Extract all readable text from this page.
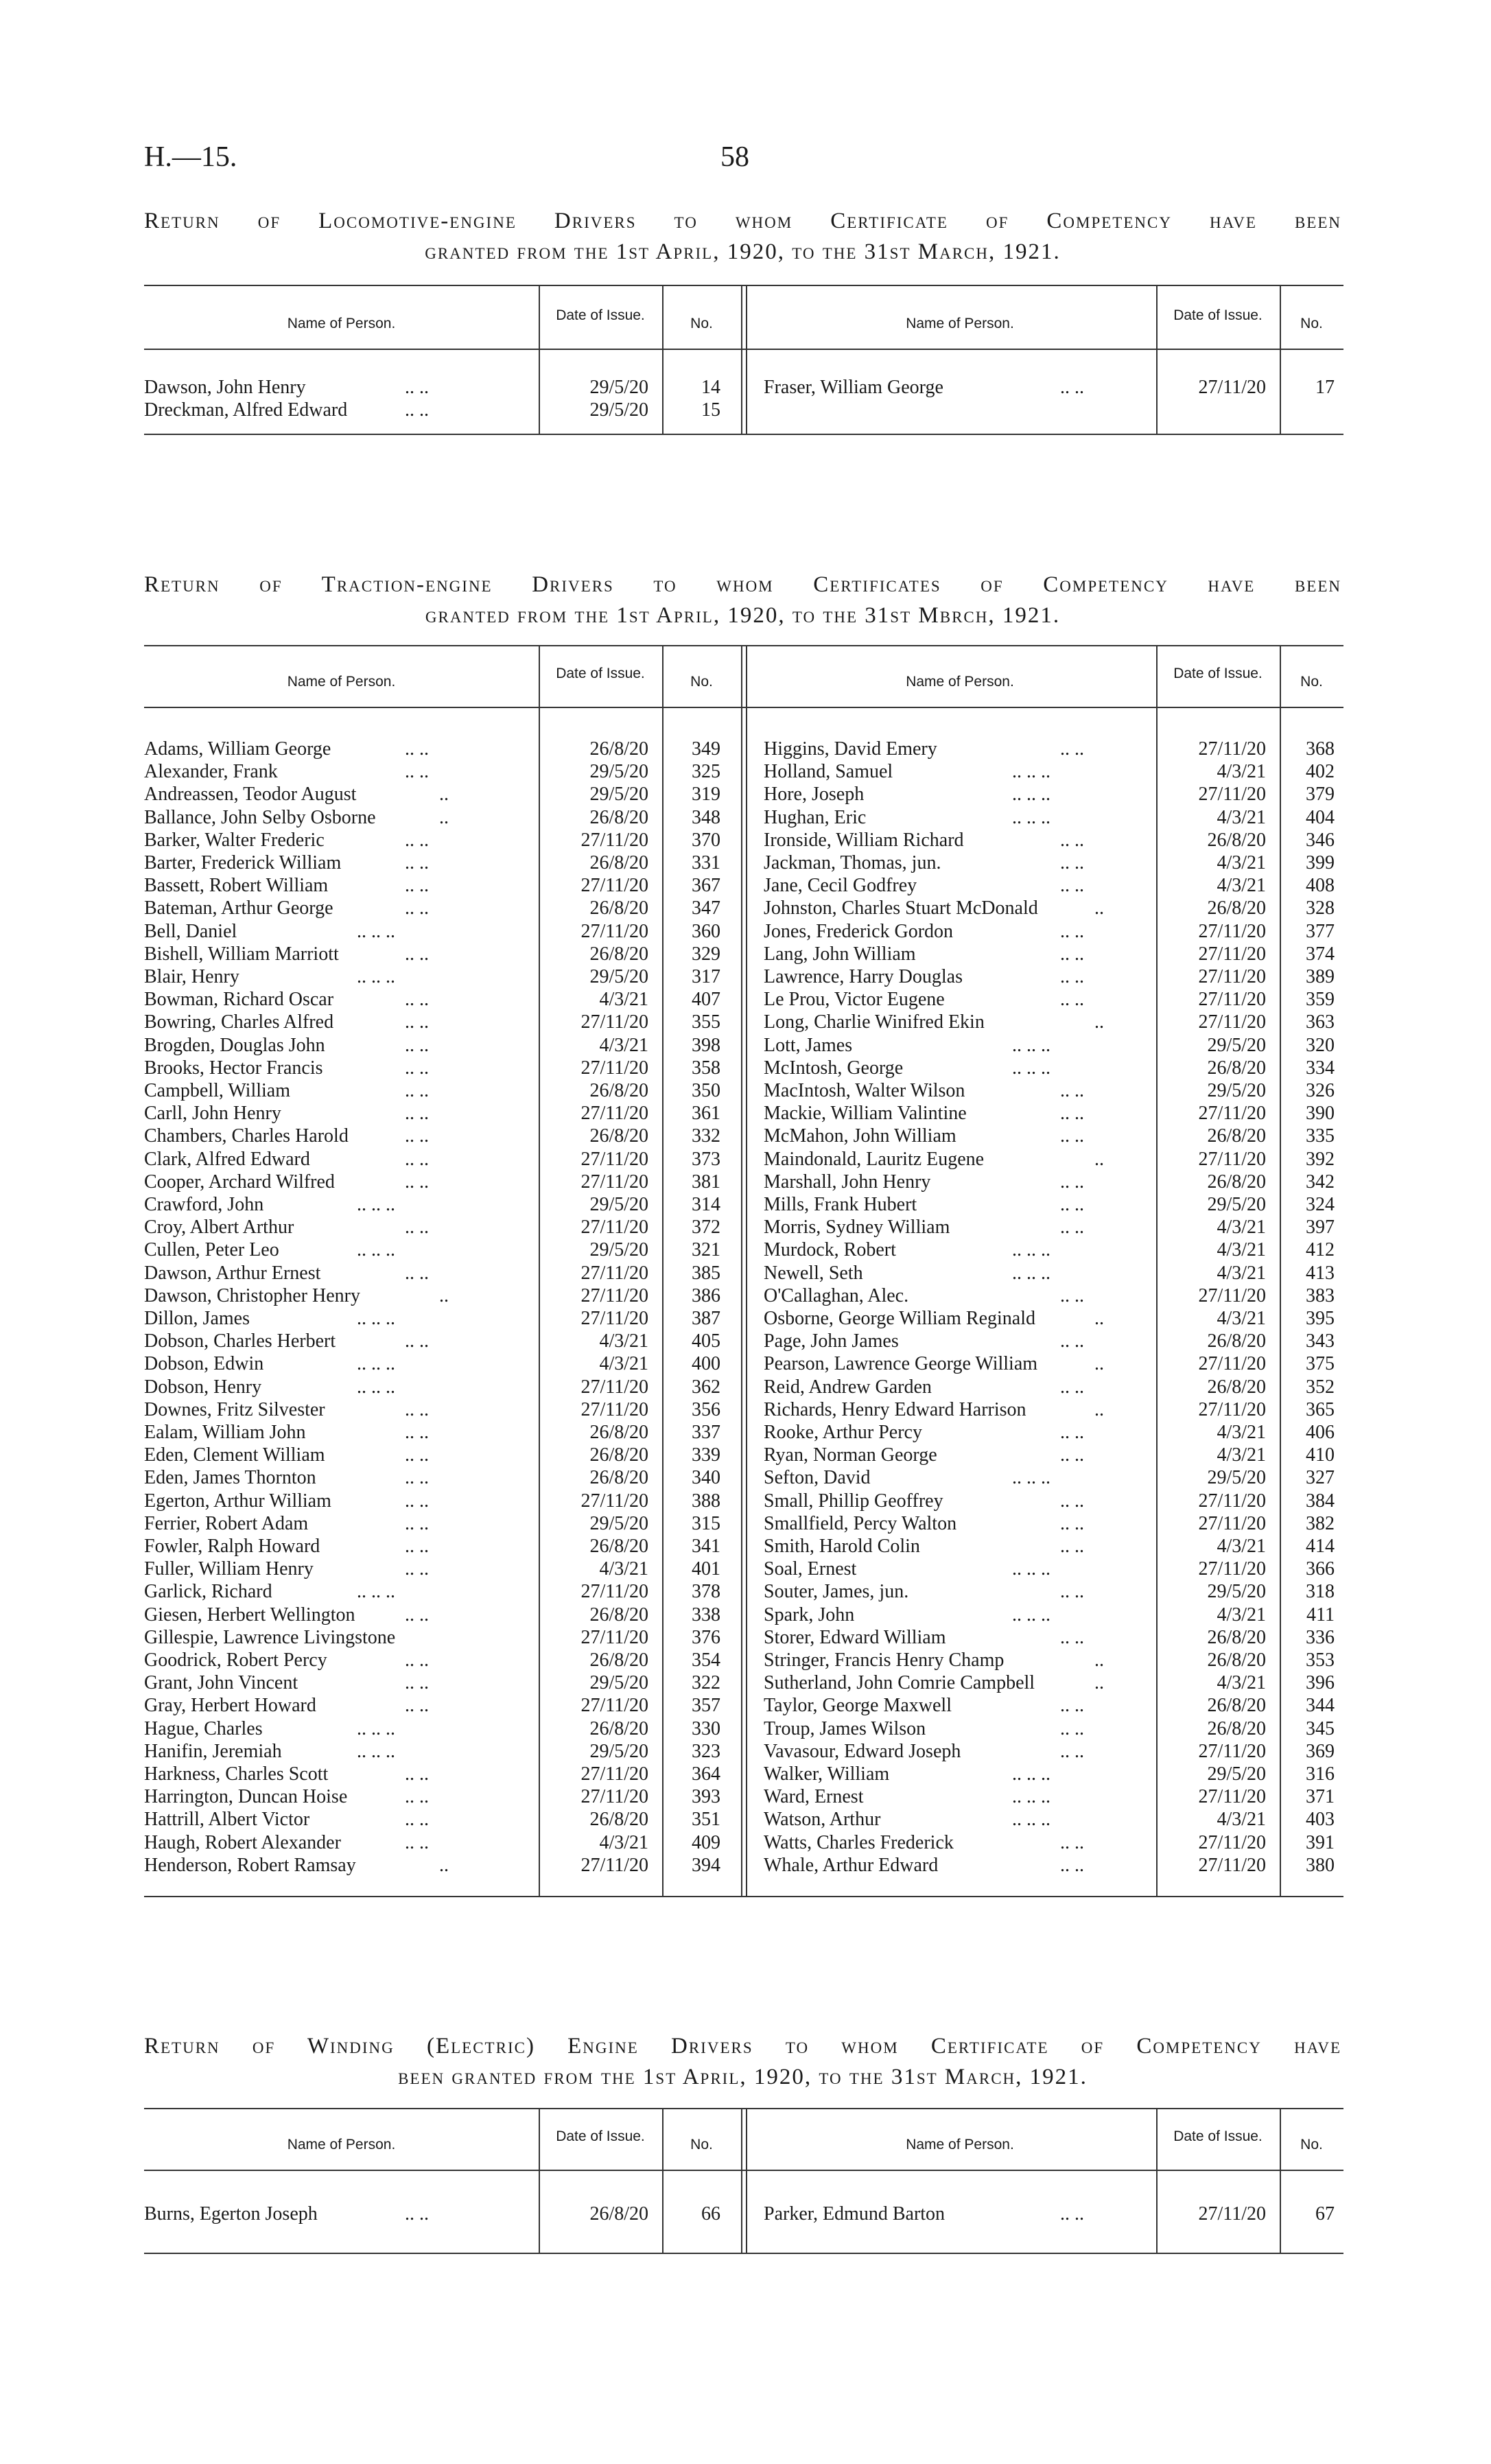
H.—15.	58
Return of Locomotive-engine Drivers to whom Certificate of Competency have been
granted from the 1st April, 1920, to the 31st March, 1921.
Name of Person.
Date of Issue.
No.	Name of Person.
Date of Issue.
No.
Dawson, John Henry	.. ..	29/5/20	14
Dreckman, Alfred Edward	.. ..	29/5/20	15
Fraser, William George	.. ..	27/11/20	17
Return of Traction-engine Drivers to whom Certificates of Competency have been
granted from the 1st April, 1920, to the 31st Mbrch, 1921.
Name of Person.
Date of Issue.
No.	Name of Person.
Date of Issue.
No.
Adams, William George	.. ..	26/8/20	349
Alexander, Frank	.. ..	29/5/20	325
Andreassen, Teodor August	..	29/5/20	319
Ballance, John Selby Osborne	..	26/8/20	348
Barker, Walter Frederic	.. ..	27/11/20	370
Barter, Frederick William	.. ..	26/8/20	331
Bassett, Robert William	.. ..	27/11/20	367
Bateman, Arthur George	.. ..	26/8/20	347
Bell, Daniel	.. .. ..	27/11/20	360
Bishell, William Marriott	.. ..	26/8/20	329
Blair, Henry	.. .. ..	29/5/20	317
Bowman, Richard Oscar	.. ..	4/3/21	407
Bowring, Charles Alfred	.. ..	27/11/20	355
Brogden, Douglas John	.. ..	4/3/21	398
Brooks, Hector Francis	.. ..	27/11/20	358
Campbell, William	.. ..	26/8/20	350
Carll, John Henry	.. ..	27/11/20	361
Chambers, Charles Harold	.. ..	26/8/20	332
Clark, Alfred Edward	.. ..	27/11/20	373
Cooper, Archard Wilfred	.. ..	27/11/20	381
Crawford, John	.. .. ..	29/5/20	314
Croy, Albert Arthur	.. ..	27/11/20	372
Cullen, Peter Leo	.. .. ..	29/5/20	321
Dawson, Arthur Ernest	.. ..	27/11/20	385
Dawson, Christopher Henry	..	27/11/20	386
Dillon, James	.. .. ..	27/11/20	387
Dobson, Charles Herbert	.. ..	4/3/21	405
Dobson, Edwin	.. .. ..	4/3/21	400
Dobson, Henry	.. .. ..	27/11/20	362
Downes, Fritz Silvester	.. ..	27/11/20	356
Ealam, William John	.. ..	26/8/20	337
Eden, Clement William	.. ..	26/8/20	339
Eden, James Thornton	.. ..	26/8/20	340
Egerton, Arthur William	.. ..	27/11/20	388
Ferrier, Robert Adam	.. ..	29/5/20	315
Fowler, Ralph Howard	.. ..	26/8/20	341
Fuller, William Henry	.. ..	4/3/21	401
Garlick, Richard	.. .. ..	27/11/20	378
Giesen, Herbert Wellington	.. ..	26/8/20	338
Gillespie, Lawrence Livingstone	27/11/20	376
Goodrick, Robert Percy	.. ..	26/8/20	354
Grant, John Vincent	.. ..	29/5/20	322
Gray, Herbert Howard	.. ..	27/11/20	357
Hague, Charles	.. .. ..	26/8/20	330
Hanifin, Jeremiah	.. .. ..	29/5/20	323
Harkness, Charles Scott	.. ..	27/11/20	364
Harrington, Duncan Hoise	.. ..	27/11/20	393
Hattrill, Albert Victor	.. ..	26/8/20	351
Haugh, Robert Alexander	.. ..	4/3/21	409
Henderson, Robert Ramsay	..	27/11/20	394
Higgins, David Emery	.. ..	27/11/20	368
Holland, Samuel	.. .. ..	4/3/21	402
Hore, Joseph	.. .. ..	27/11/20	379
Hughan, Eric	.. .. ..	4/3/21	404
Ironside, William Richard	.. ..	26/8/20	346
Jackman, Thomas, jun.	.. ..	4/3/21	399
Jane, Cecil Godfrey	.. ..	4/3/21	408
Johnston, Charles Stuart McDonald	..	26/8/20	328
Jones, Frederick Gordon	.. ..	27/11/20	377
Lang, John William	.. ..	27/11/20	374
Lawrence, Harry Douglas	.. ..	27/11/20	389
Le Prou, Victor Eugene	.. ..	27/11/20	359
Long, Charlie Winifred Ekin	..	27/11/20	363
Lott, James	.. .. ..	29/5/20	320
McIntosh, George	.. .. ..	26/8/20	334
MacIntosh, Walter Wilson	.. ..	29/5/20	326
Mackie, William Valintine	.. ..	27/11/20	390
McMahon, John William	.. ..	26/8/20	335
Maindonald, Lauritz Eugene	..	27/11/20	392
Marshall, John Henry	.. ..	26/8/20	342
Mills, Frank Hubert	.. ..	29/5/20	324
Morris, Sydney William	.. ..	4/3/21	397
Murdock, Robert	.. .. ..	4/3/21	412
Newell, Seth	.. .. ..	4/3/21	413
O'Callaghan, Alec.	.. ..	27/11/20	383
Osborne, George William Reginald	..	4/3/21	395
Page, John James	.. ..	26/8/20	343
Pearson, Lawrence George William	..	27/11/20	375
Reid, Andrew Garden	.. ..	26/8/20	352
Richards, Henry Edward Harrison	..	27/11/20	365
Rooke, Arthur Percy	.. ..	4/3/21	406
Ryan, Norman George	.. ..	4/3/21	410
Sefton, David	.. .. ..	29/5/20	327
Small, Phillip Geoffrey	.. ..	27/11/20	384
Smallfield, Percy Walton	.. ..	27/11/20	382
Smith, Harold Colin	.. ..	4/3/21	414
Soal, Ernest	.. .. ..	27/11/20	366
Souter, James, jun.	.. ..	29/5/20	318
Spark, John	.. .. ..	4/3/21	411
Storer, Edward William	.. ..	26/8/20	336
Stringer, Francis Henry Champ	..	26/8/20	353
Sutherland, John Comrie Campbell	..	4/3/21	396
Taylor, George Maxwell	.. ..	26/8/20	344
Troup, James Wilson	.. ..	26/8/20	345
Vavasour, Edward Joseph	.. ..	27/11/20	369
Walker, William	.. .. ..	29/5/20	316
Ward, Ernest	.. .. ..	27/11/20	371
Watson, Arthur	.. .. ..	4/3/21	403
Watts, Charles Frederick	.. ..	27/11/20	391
Whale, Arthur Edward	.. ..	27/11/20	380
Return of Winding (Electric) Engine Drivers to whom Certificate of Competency have
been granted from the 1st April, 1920, to the 31st March, 1921.
Name of Person.
Date of Issue.
No.	Name of Person.
Date of Issue.
No.
Burns, Egerton Joseph	.. ..	26/8/20	66 Parker, Edmund Barton	.. ..	27/11/20	67
